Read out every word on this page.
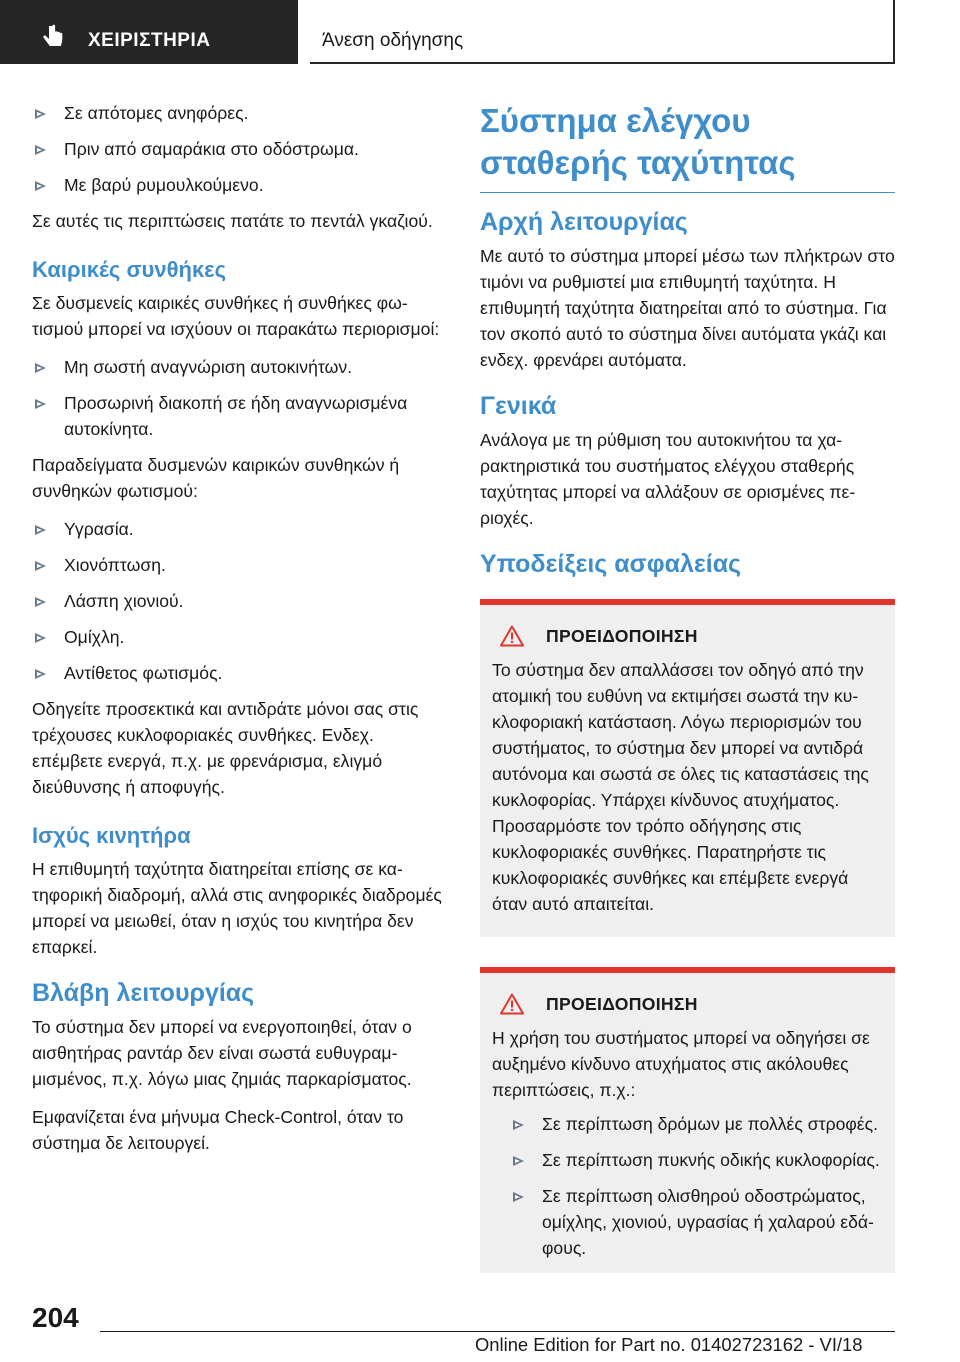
ΧΕΙΡΙΣΤΗΡΙΑ	Άνεση οδήγησης
Σε απότομες ανηφόρες.
Πριν από σαμαράκια στο οδόστρωμα.
Με βαρύ ρυμουλκούμενο.

Σε αυτές τις περιπτώσεις πατάτε το πεντάλ γκαζιού.

Καιρικές συνθήκες

Σε δυσμενείς καιρικές συνθήκες ή συνθήκες φωτισμού μπορεί να ισχύουν οι παρακάτω περιορισμοί:

Μη σωστή αναγνώριση αυτοκινήτων.
Προσωρινή διακοπή σε ήδη αναγνωρισμένα αυτοκίνητα.

Παραδείγματα δυσμενών καιρικών συνθηκών ή συνθηκών φωτισμού:

Υγρασία.
Χιονόπτωση.
Λάσπη χιονιού.
Ομίχλη.
Αντίθετος φωτισμός.

Οδηγείτε προσεκτικά και αντιδράτε μόνοι σας στις τρέχουσες κυκλοφοριακές συνθήκες. Ενδεχ. επέμβετε ενεργά, π.χ. με φρενάρισμα, ελιγμό διεύθυνσης ή αποφυγής.

Ισχύς κινητήρα

Η επιθυμητή ταχύτητα διατηρείται επίσης σε κατηφορική διαδρομή, αλλά στις ανηφορικές διαδρομές μπορεί να μειωθεί, όταν η ισχύς του κινητήρα δεν επαρκεί.

Βλάβη λειτουργίας

Το σύστημα δεν μπορεί να ενεργοποιηθεί, όταν ο αισθητήρας ραντάρ δεν είναι σωστά ευθυγραμμισμένος, π.χ. λόγω μιας ζημιάς παρκαρίσματος.

Εμφανίζεται ένα μήνυμα Check-Control, όταν το σύστημα δε λειτουργεί.

Σύστημα ελέγχου σταθερής ταχύτητας
Αρχή λειτουργίας

Με αυτό το σύστημα μπορεί μέσω των πλήκτρων στο τιμόνι να ρυθμιστεί μια επιθυμητή ταχύτητα. Η επιθυμητή ταχύτητα διατηρείται από το σύστημα. Για τον σκοπό αυτό το σύστημα δίνει αυτόματα γκάζι και ενδεχ. φρενάρει αυτόματα.

Γενικά

Ανάλογα με τη ρύθμιση του αυτοκινήτου τα χαρακτηριστικά του συστήματος ελέγχου σταθερής ταχύτητας μπορεί να αλλάξουν σε ορισμένες περιοχές.

Υποδείξεις ασφαλείας
ΠΡΟΕΙΔΟΠΟΙΗΣΗ

Το σύστημα δεν απαλλάσσει τον οδηγό από την ατομική του ευθύνη να εκτιμήσει σωστά την κυκλοφοριακή κατάσταση. Λόγω περιορισμών του συστήματος, το σύστημα δεν μπορεί να αντιδρά αυτόνομα και σωστά σε όλες τις καταστάσεις της κυκλοφορίας. Υπάρχει κίνδυνος ατυχήματος. Προσαρμόστε τον τρόπο οδήγησης στις κυκλοφοριακές συνθήκες. Παρατηρήστε τις κυκλοφοριακές συνθήκες και επέμβετε ενεργά όταν αυτό απαιτείται.

ΠΡΟΕΙΔΟΠΟΙΗΣΗ

Η χρήση του συστήματος μπορεί να οδηγήσει σε αυξημένο κίνδυνο ατυχήματος στις ακόλουθες περιπτώσεις, π.χ.:

Σε περίπτωση δρόμων με πολλές στροφές.
Σε περίπτωση πυκνής οδικής κυκλοφορίας.
Σε περίπτωση ολισθηρού οδοστρώματος, ομίχλης, χιονιού, υγρασίας ή χαλαρού εδάφους.
204
Online Edition for Part no. 01402723162 - VI/18
